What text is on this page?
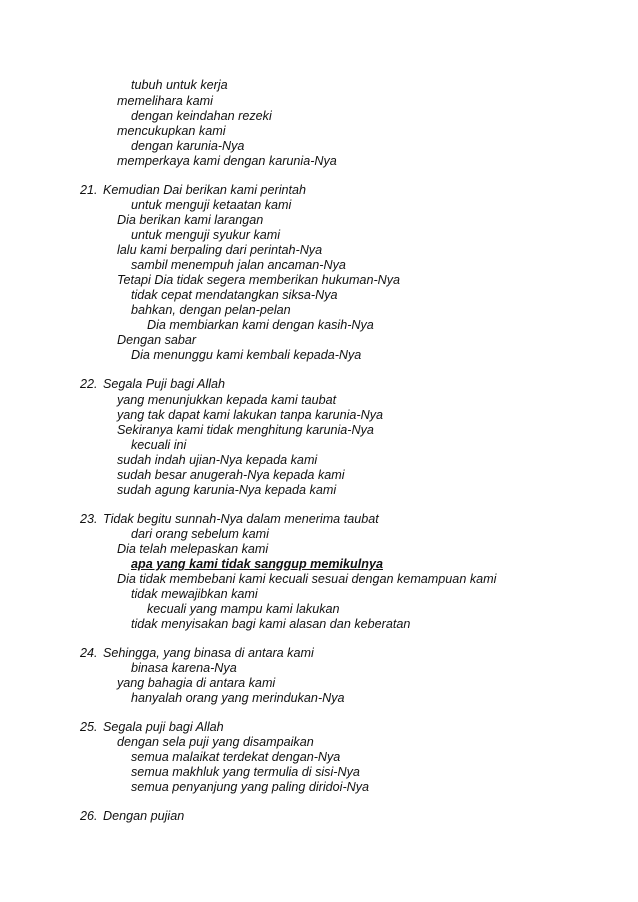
tubuh untuk kerja
memelihara kami
dengan keindahan rezeki
mencukupkan kami
dengan karunia-Nya
memperkaya kami dengan karunia-Nya
21. Kemudian Dai berikan kami perintah
untuk menguji ketaatan kami
Dia berikan kami larangan
untuk menguji syukur kami
lalu kami berpaling dari perintah-Nya
sambil menempuh jalan ancaman-Nya
Tetapi Dia tidak segera memberikan hukuman-Nya
tidak cepat mendatangkan siksa-Nya
bahkan, dengan pelan-pelan
Dia membiarkan kami dengan kasih-Nya
Dengan sabar
Dia menunggu kami kembali kepada-Nya
22. Segala Puji bagi Allah
yang menunjukkan kepada kami taubat
yang tak dapat kami lakukan tanpa karunia-Nya
Sekiranya kami tidak menghitung karunia-Nya
kecuali ini
sudah indah ujian-Nya kepada kami
sudah besar anugerah-Nya kepada kami
sudah agung karunia-Nya kepada kami
23. Tidak begitu sunnah-Nya dalam menerima taubat
dari orang sebelum kami
Dia telah melepaskan kami
apa yang kami tidak sanggup memikulnya
Dia tidak membebani kami kecuali sesuai dengan kemampuan kami
tidak mewajibkan kami
kecuali yang mampu kami lakukan
tidak menyisakan bagi kami alasan dan keberatan
24. Sehingga, yang binasa di antara kami
binasa karena-Nya
yang bahagia di antara kami
hanyalah orang yang merindukan-Nya
25. Segala puji bagi Allah
dengan sela puji yang disampaikan
semua malaikat terdekat dengan-Nya
semua makhluk yang termulia di sisi-Nya
semua penyanjung yang paling diridoi-Nya
26. Dengan pujian
